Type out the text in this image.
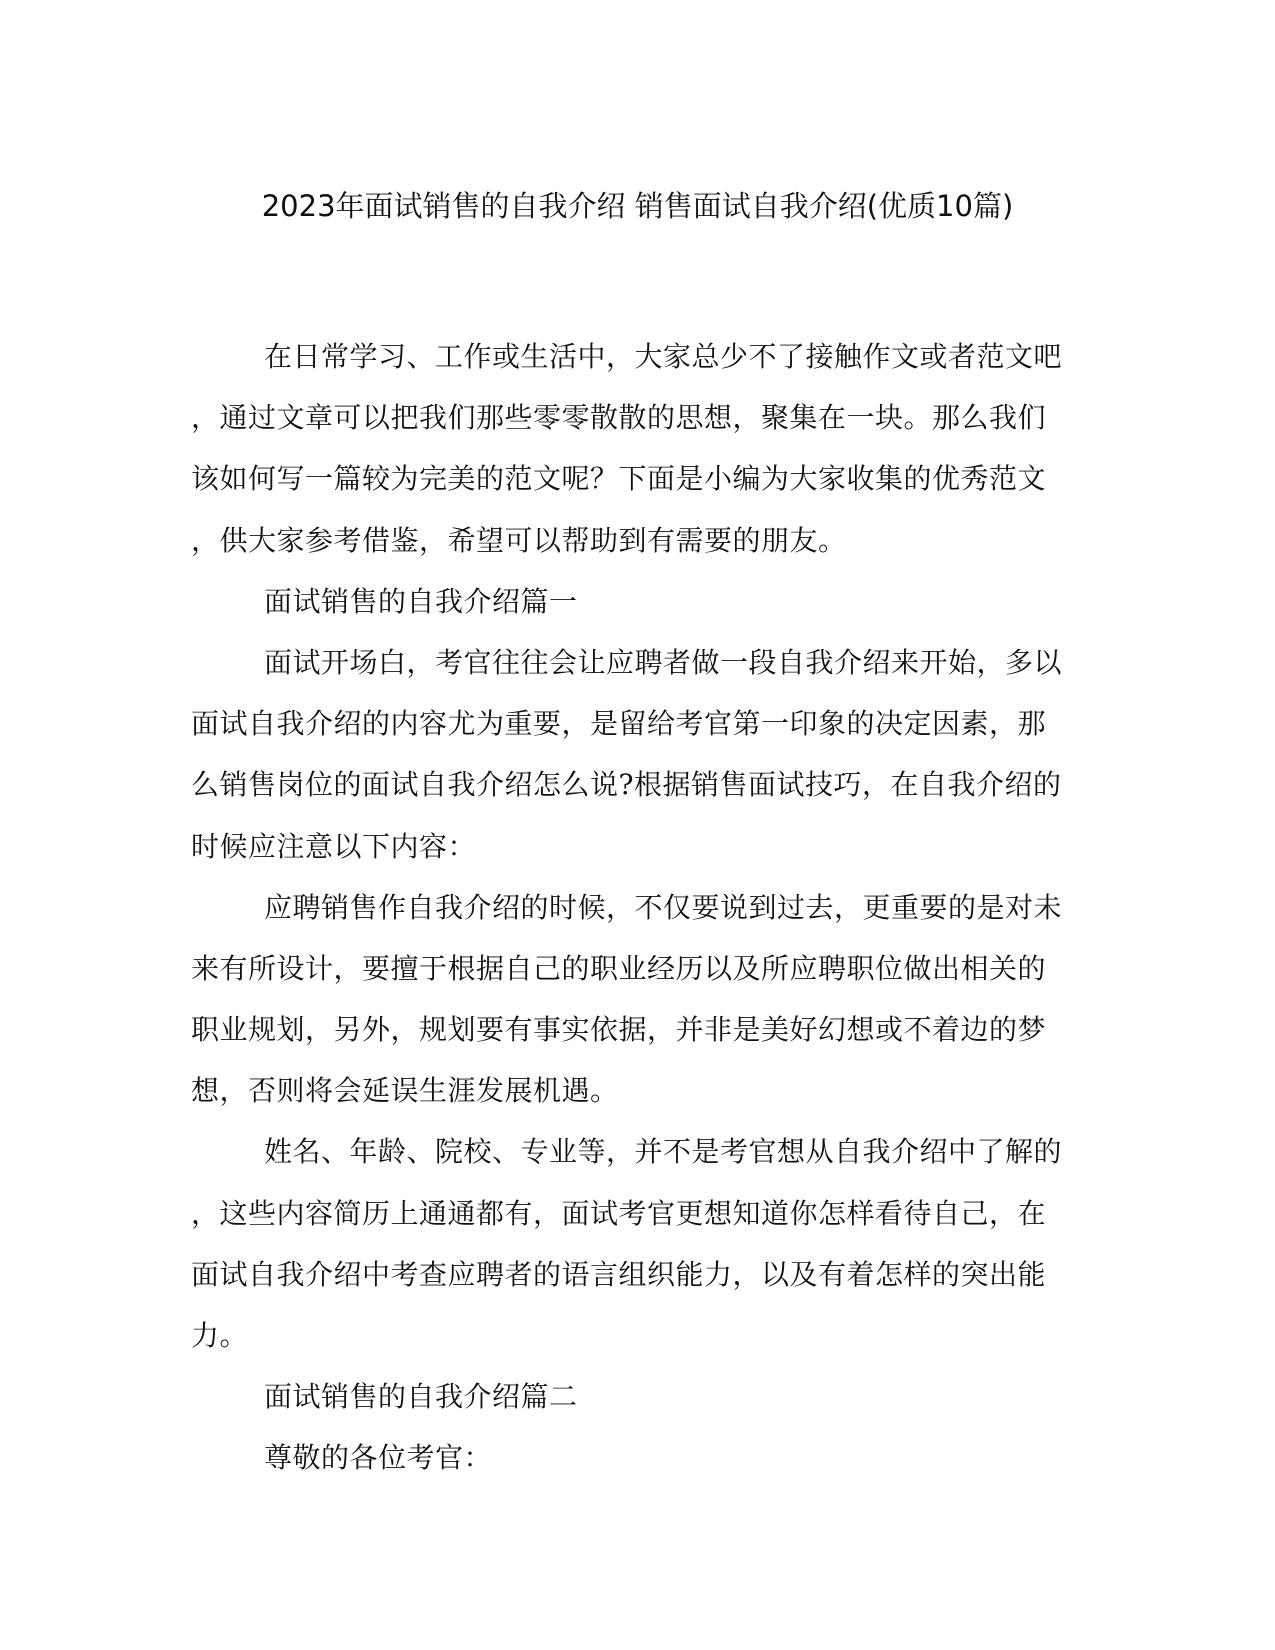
2023年面试销售的自我介绍 销售面试自我介绍(优质10篇)
在日常学习、工作或生活中，大家总少不了接触作文或者范文吧
，通过文章可以把我们那些零零散散的思想，聚集在一块。那么我们
该如何写一篇较为完美的范文呢？下面是小编为大家收集的优秀范文
，供大家参考借鉴，希望可以帮助到有需要的朋友。
面试销售的自我介绍篇一
面试开场白，考官往往会让应聘者做一段自我介绍来开始，多以
面试自我介绍的内容尤为重要，是留给考官第一印象的决定因素，那
么销售岗位的面试自我介绍怎么说?根据销售面试技巧，在自我介绍的
时候应注意以下内容：
应聘销售作自我介绍的时候，不仅要说到过去，更重要的是对未
来有所设计，要擅于根据自己的职业经历以及所应聘职位做出相关的
职业规划，另外，规划要有事实依据，并非是美好幻想或不着边的梦
想，否则将会延误生涯发展机遇。
姓名、年龄、院校、专业等，并不是考官想从自我介绍中了解的
，这些内容简历上通通都有，面试考官更想知道你怎样看待自己，在
面试自我介绍中考查应聘者的语言组织能力，以及有着怎样的突出能
力。
面试销售的自我介绍篇二
尊敬的各位考官：
